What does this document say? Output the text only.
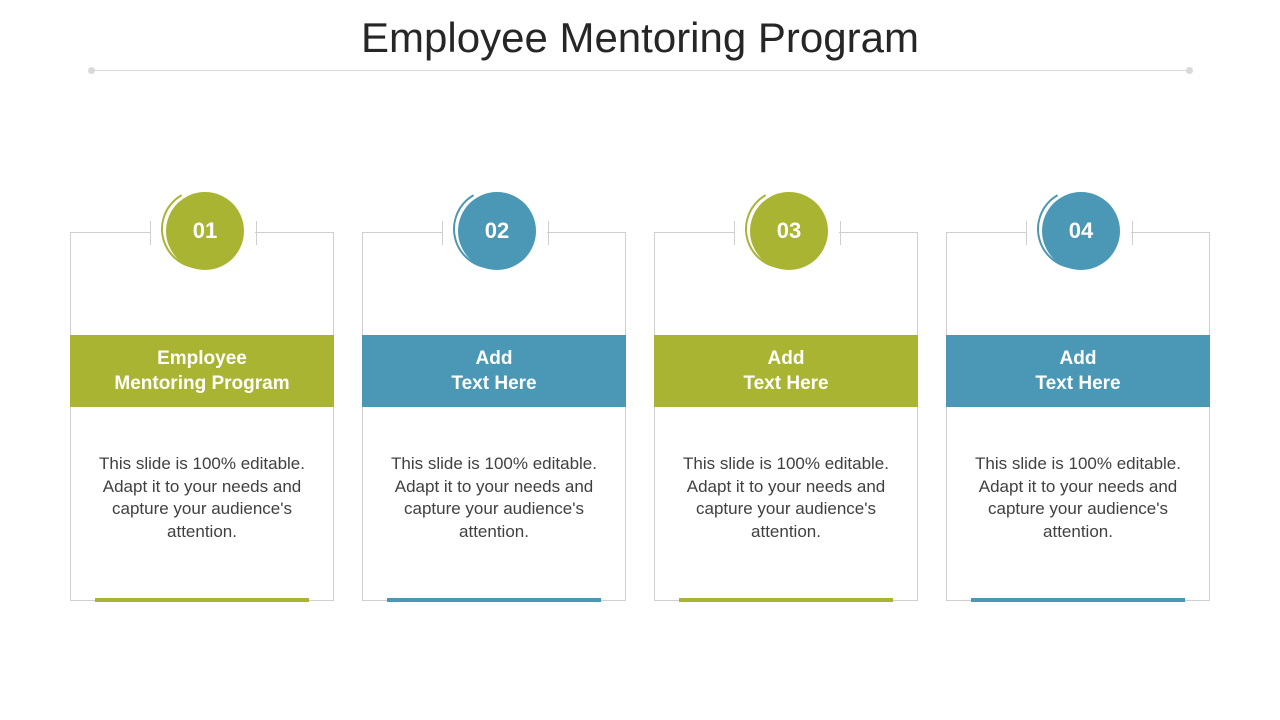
Employee Mentoring Program
01
Employee
Mentoring Program
This slide is 100% editable. Adapt it to your needs and capture your audience's attention.
02
Add
Text Here
This slide is 100% editable. Adapt it to your needs and capture your audience's attention.
03
Add
Text Here
This slide is 100% editable. Adapt it to your needs and capture your audience's attention.
04
Add
Text Here
This slide is 100% editable. Adapt it to your needs and capture your audience's attention.
